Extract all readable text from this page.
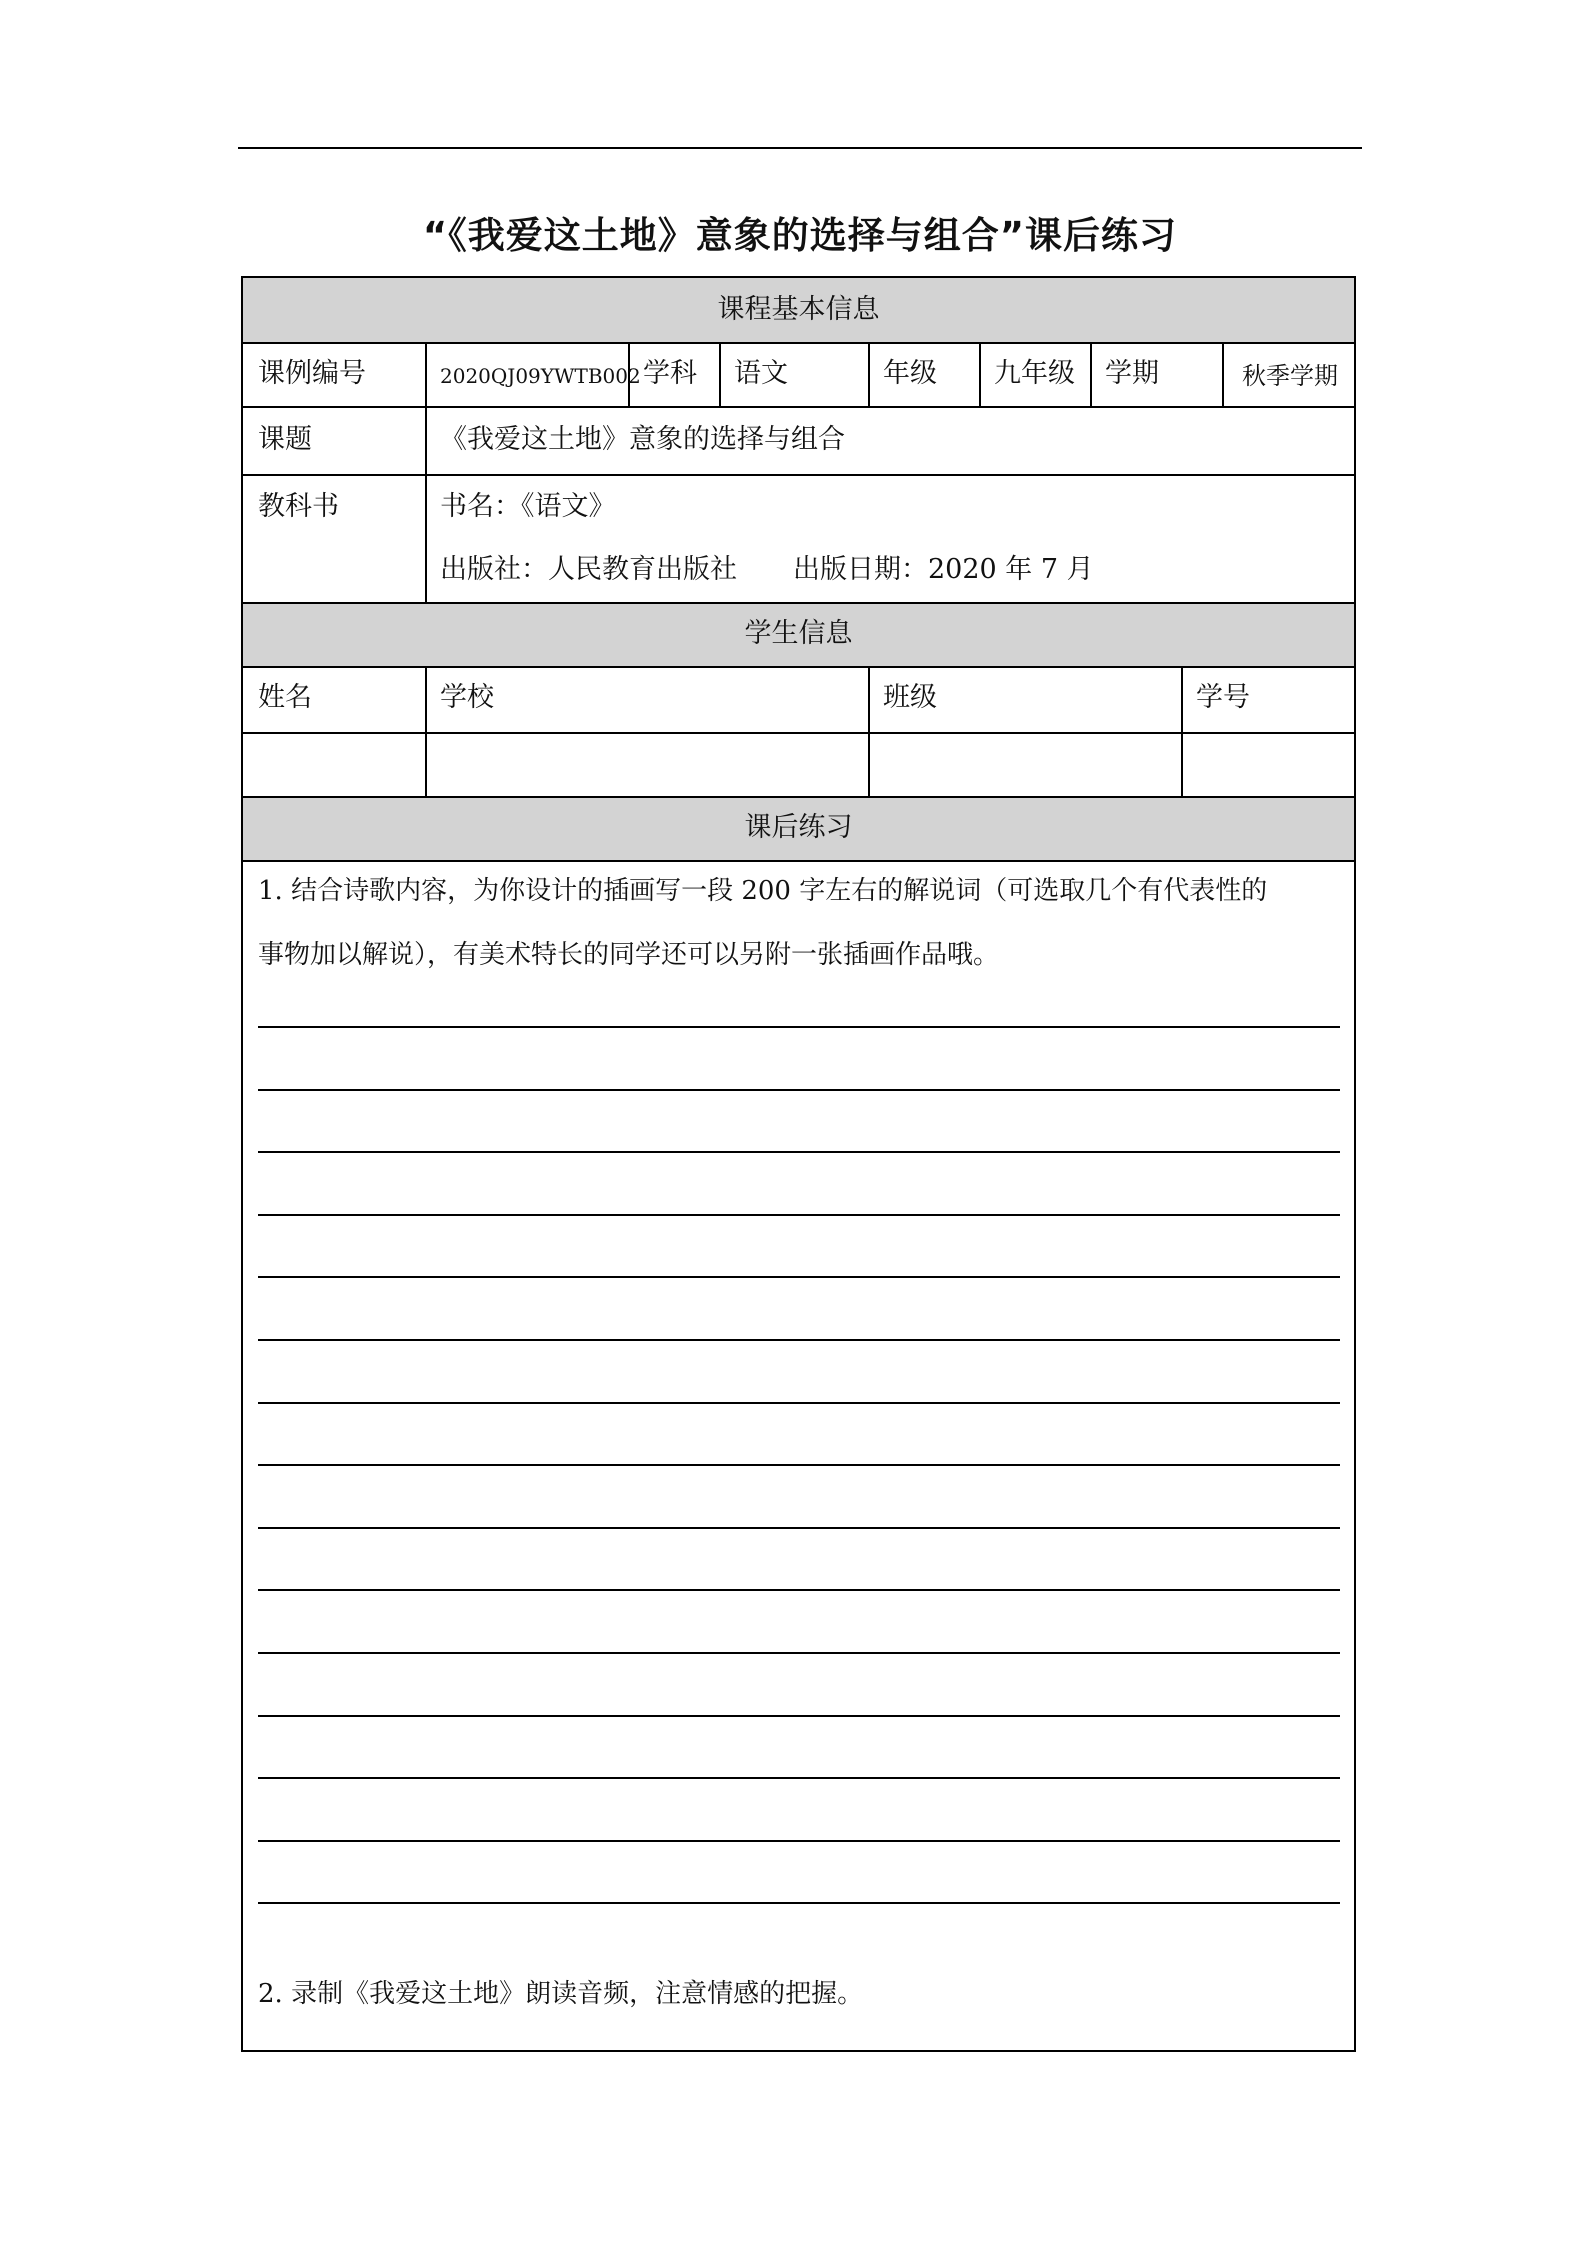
“《我爱这土地》意象的选择与组合”课后练习
课程基本信息
课例编号	2020QJ09YWTB002 学科 语文	年级 九年级 学期	秋季学期
课题	《我爱这土地》意象的选择与组合
教科书	书名：《语文》
出版社：人民教育出版社 出版日期：2020 年 7 月
学生信息
姓名	学校	班级	学号
课后练习
1. 结合诗歌内容，为你设计的插画写一段 200 字左右的解说词（可选取几个有代表性的
事物加以解说），有美术特长的同学还可以另附一张插画作品哦。
2. 录制《我爱这土地》朗读音频，注意情感的把握。
